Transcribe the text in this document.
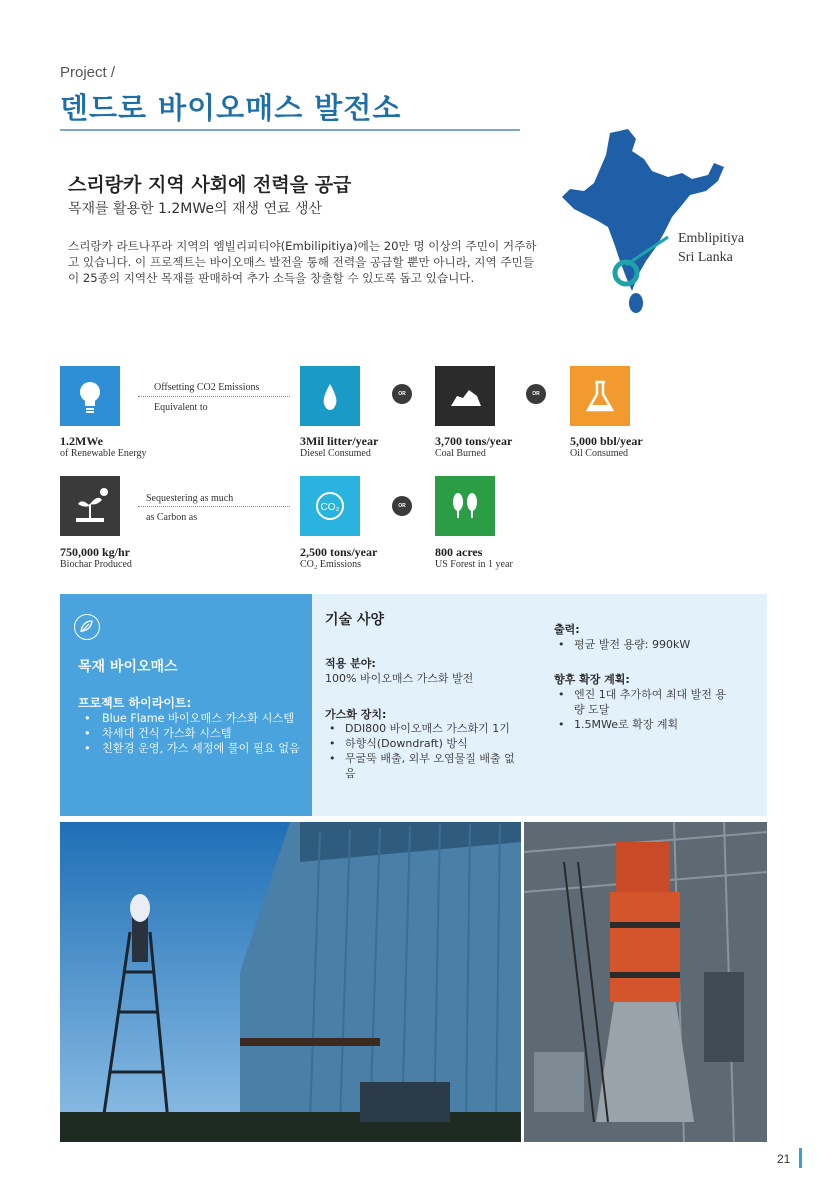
Project /
덴드로 바이오매스 발전소
스리랑카 지역 사회에 전력을 공급
목재를 활용한 1.2MWe의 재생 연료 생산
스리랑카 라트나푸라 지역의 엠빌리피티야(Embilipitiya)에는 20만 명 이상의 주민이 거주하고 있습니다. 이 프로젝트는 바이오매스 발전을 통해 전력을 공급할 뿐만 아니라, 지역 주민들이 25종의 지역산 목재를 판매하여 추가 소득을 창출할 수 있도록 돕고 있습니다.
Emblipitiya
Sri Lanka
Offsetting CO2 Emissions
Equivalent to
OR	OR
1.2MWe
of Renewable Energy
3Mil litter/year
Diesel Consumed
3,700 tons/year
Coal Burned
5,000 bbl/year
Oil Consumed
Sequestering as much
as Carbon as
CO₂	OR
750,000 kg/hr
Biochar Produced
2,500 tons/year
CO₂ Emissions
800 acres
US Forest in 1 year
목재 바이오매스
프로젝트 하이라이트:
• Blue Flame 바이오매스 가스화 시스템
• 차세대 건식 가스화 시스템
• 친환경 운영, 가스 세정에 물이 필요 없음
기술 사양
적용 분야:
100% 바이오매스 가스화 발전
가스화 장치:
• DDI800 바이오매스 가스화기 1기
• 하향식(Downdraft) 방식
• 무굴뚝 배출, 외부 오염물질 배출 없음
출력:
• 평균 발전 용량: 990kW
향후 확장 계획:
• 엔진 1대 추가하여 최대 발전 용량 도달
• 1.5MWe로 확장 계획
21
